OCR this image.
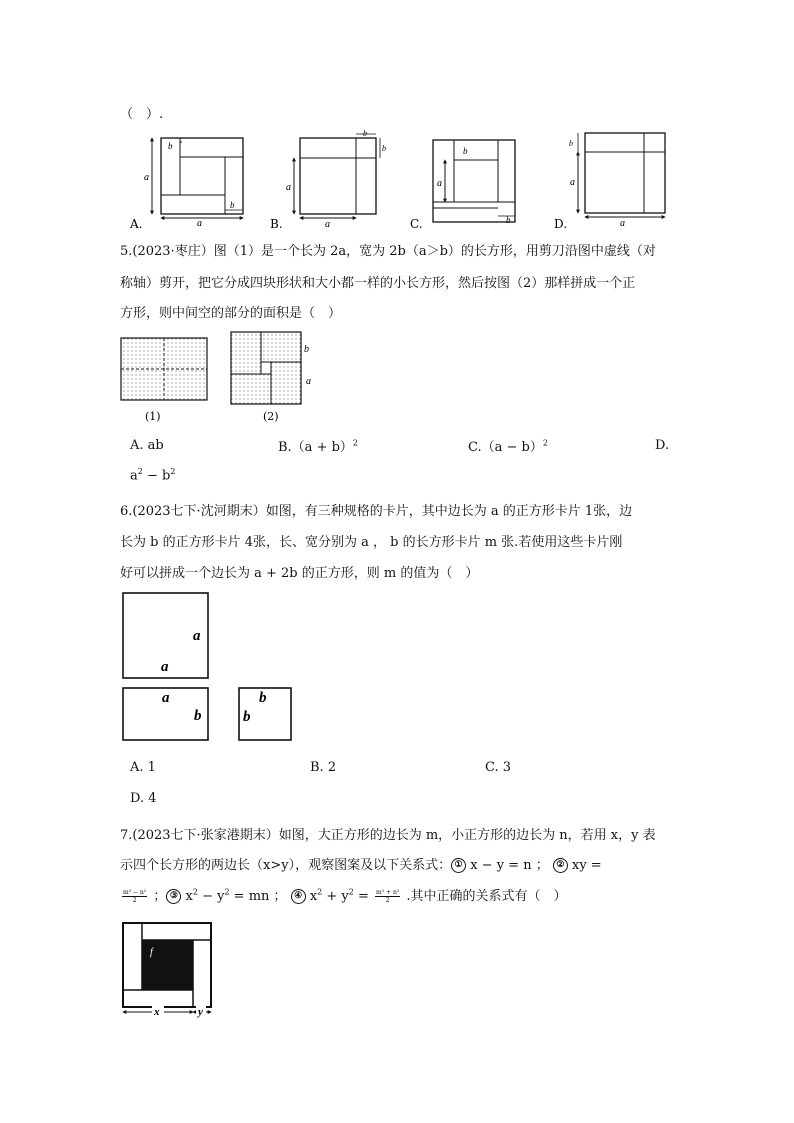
（　）.
a
a
b
b
A.
a
a
b
b
B.
a
b
b
C.
b
a
a
D.
5.(2023·枣庄）图（1）是一个长为 2a，宽为 2b（a＞b）的长方形，用剪刀沿图中虚线（对
称轴）剪开，把它分成四块形状和大小都一样的小长方形，然后按图（2）那样拼成一个正
方形，则中间空的部分的面积是（　）
(1)
b
a
(2)
A. ab	$B.(a + b)^2$	$C.(a - b)^2$	D.
$a^2 - b^2$
6.(2023七下·沈河期末）如图，有三种规格的卡片，其中边长为 a 的正方形卡片 1张，边
长为 b 的正方形卡片 4张，长、宽分别为 a ， b 的长方形卡片 m 张.若使用这些卡片刚
好可以拼成一个边长为 a + 2b 的正方形，则 m 的值为（　）
a
a
a
b
b
b
A. 1	B. 2	C. 3
D. 4
7.(2023七下·张家港期末）如图，大正方形的边长为 m，小正方形的边长为 n，若用 x，y 表
示四个长方形的两边长（x>y），观察图案及以下关系式： ① x − y = n ； ② xy =
$\frac{\text{m² − n²}}{2}$ ； ③ $x^2 - y^2$ = mn ； ④ $x^2 + y^2 = \frac{\text{m² + n²}}{2}$ .其中正确的关系式有（　）
f
x	y
